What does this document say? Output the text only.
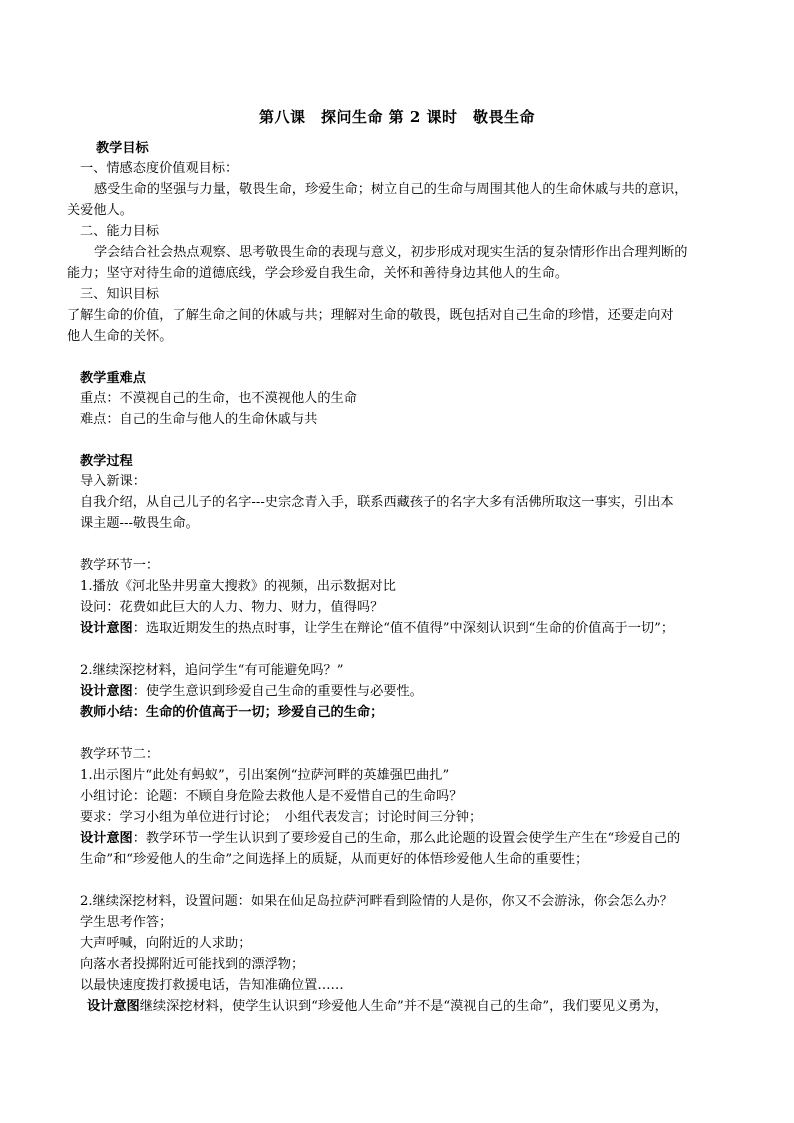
第八课　探问生命 第 2 课时　敬畏生命
教学目标
一、情感态度价值观目标：
感受生命的坚强与力量，敬畏生命，珍爱生命；树立自己的生命与周围其他人的生命休戚与共的意识，
关爱他人。
二、能力目标
学会结合社会热点观察、思考敬畏生命的表现与意义，初步形成对现实生活的复杂情形作出合理判断的
能力；坚守对待生命的道德底线，学会珍爱自我生命，关怀和善待身边其他人的生命。
三、知识目标
了解生命的价值，了解生命之间的休戚与共；理解对生命的敬畏，既包括对自己生命的珍惜，还要走向对
他人生命的关怀。
教学重难点
重点：不漠视自己的生命，也不漠视他人的生命
难点：自己的生命与他人的生命休戚与共
教学过程
导入新课：
自我介绍，从自己儿子的名字---史宗念青入手，联系西藏孩子的名字大多有活佛所取这一事实，引出本
课主题---敬畏生命。
教学环节一：
1.播放《河北坠井男童大搜救》的视频，出示数据对比
设问：花费如此巨大的人力、物力、财力，值得吗？
设计意图：选取近期发生的热点时事，让学生在辩论“值不值得”中深刻认识到“生命的价值高于一切”；
2.继续深挖材料，追问学生“有可能避免吗？”
设计意图：使学生意识到珍爱自己生命的重要性与必要性。
教师小结：生命的价值高于一切；珍爱自己的生命；
教学环节二：
1.出示图片“此处有蚂蚁”，引出案例“拉萨河畔的英雄强巴曲扎”
小组讨论：论题：不顾自身危险去救他人是不爱惜自己的生命吗？
要求：学习小组为单位进行讨论；　小组代表发言；讨论时间三分钟；
设计意图：教学环节一学生认识到了要珍爱自己的生命，那么此论题的设置会使学生产生在“珍爱自己的
生命”和“珍爱他人的生命”之间选择上的质疑，从而更好的体悟珍爱他人生命的重要性；
2.继续深挖材料，设置问题：如果在仙足岛拉萨河畔看到险情的人是你，你又不会游泳，你会怎么办？
学生思考作答；
大声呼喊，向附近的人求助；
向落水者投掷附近可能找到的漂浮物；
以最快速度拨打救援电话，告知准确位置……
设计意图继续深挖材料，使学生认识到“珍爱他人生命”并不是“漠视自己的生命”，我们要见义勇为，
